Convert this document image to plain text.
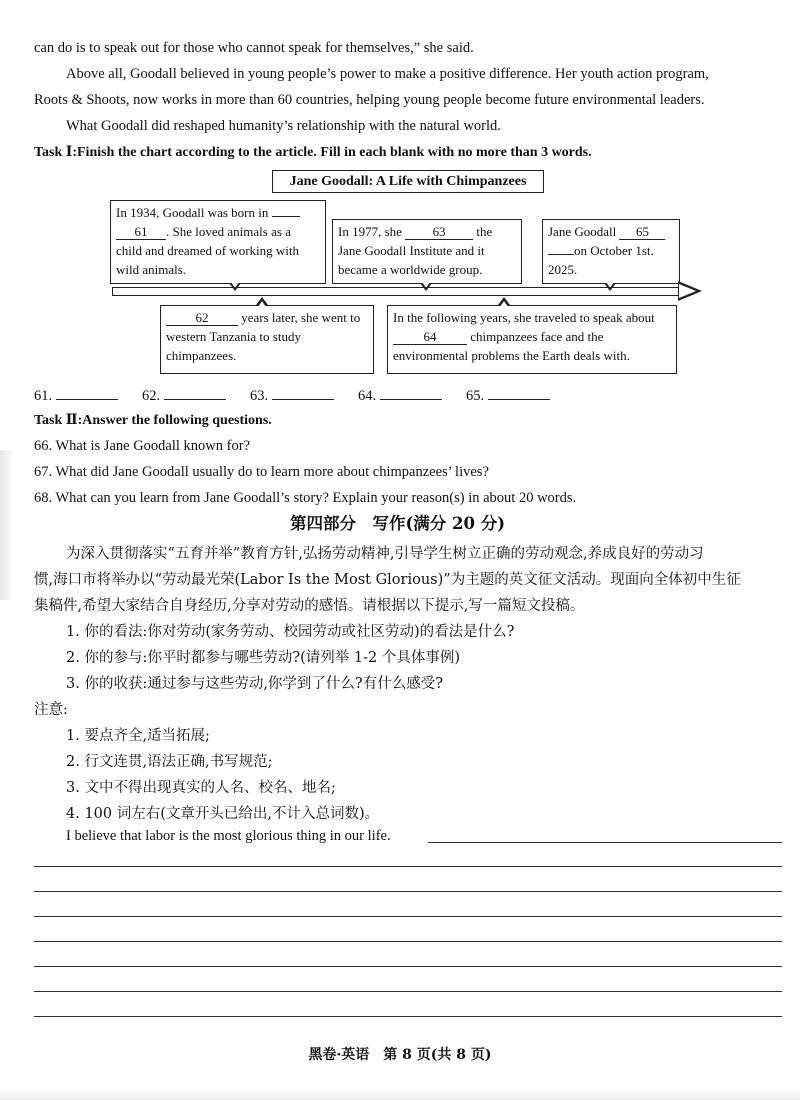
can do is to speak out for those who cannot speak for themselves,” she said.
Above all, Goodall believed in young people’s power to make a positive difference. Her youth action program,
Roots & Shoots, now works in more than 60 countries, helping young people become future environmental leaders.
What Goodall did reshaped humanity’s relationship with the natural world.
Task Ⅰ:Finish the chart according to the article. Fill in each blank with no more than 3 words.
Jane Goodall: A Life with Chimpanzees
In 1934, Goodall was born in
61 . She loved animals as a child and dreamed of working with wild animals.
In 1977, she 63 the Jane Goodall Institute and it became a worldwide group.
Jane Goodall 65
on October 1st. 2025.
62	years later, she went to western Tanzania to study chimpanzees.
In the following years, she traveled to speak about 64	chimpanzees face and the environmental problems the Earth deals with.
61.	62.	63.	64.	65.
Task Ⅱ:Answer the following questions.
66. What is Jane Goodall known for?
67. What did Jane Goodall usually do to learn more about chimpanzees’ lives?
68. What can you learn from Jane Goodall’s story? Explain your reason(s) in about 20 words.
第四部分　写作(满分 20 分)
为深入贯彻落实“五育并举”教育方针,弘扬劳动精神,引导学生树立正确的劳动观念,养成良好的劳动习
惯,海口市将举办以“劳动最光荣(Labor Is the Most Glorious)”为主题的英文征文活动。现面向全体初中生征
集稿件,希望大家结合自身经历,分享对劳动的感悟。请根据以下提示,写一篇短文投稿。
1. 你的看法:你对劳动(家务劳动、校园劳动或社区劳动)的看法是什么?
2. 你的参与:你平时都参与哪些劳动?(请列举 1-2 个具体事例)
3. 你的收获:通过参与这些劳动,你学到了什么?有什么感受?
注意:
1. 要点齐全,适当拓展;
2. 行文连贯,语法正确,书写规范;
3. 文中不得出现真实的人名、校名、地名;
4. 100 词左右(文章开头已给出,不计入总词数)。
I believe that labor is the most glorious thing in our life.
黑卷·英语　第 8 页(共 8 页)
